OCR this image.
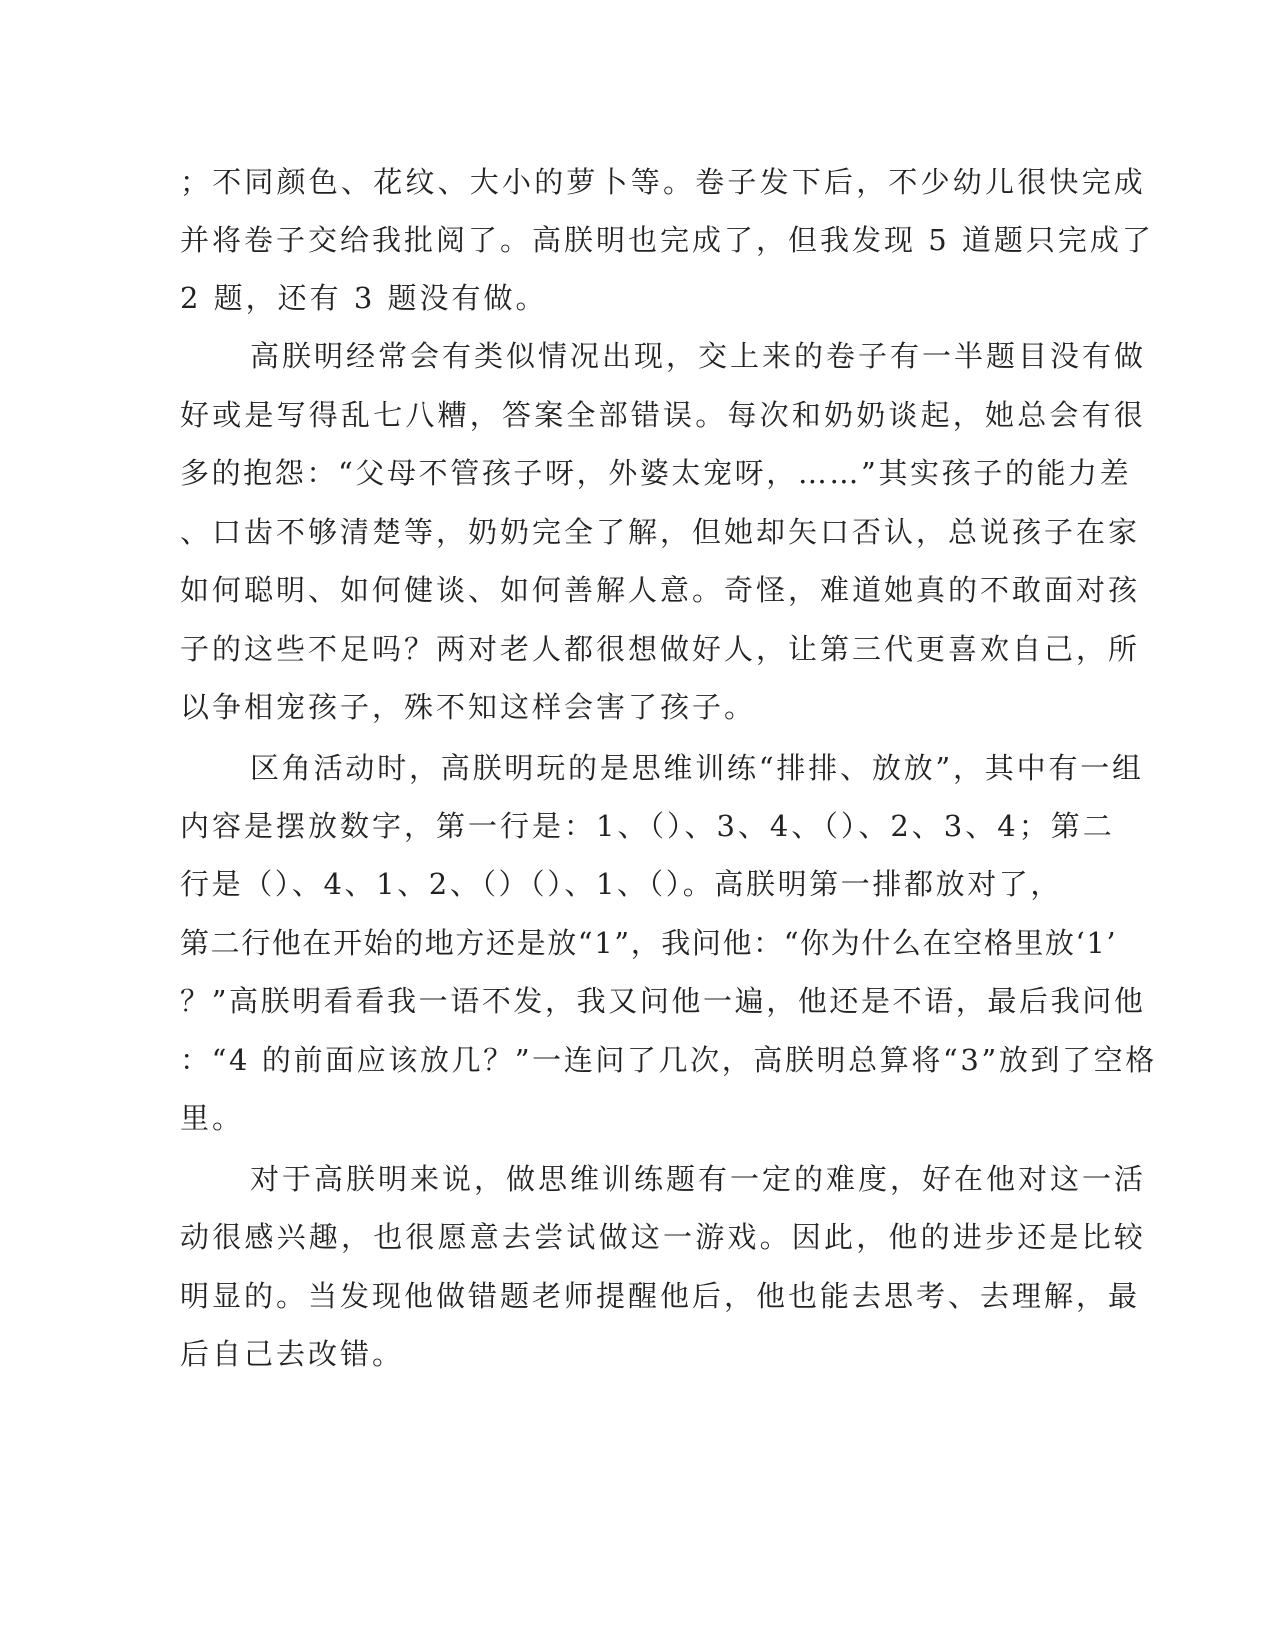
；不同颜色、花纹、大小的萝卜等。卷子发下后，不少幼儿很快完成
并将卷子交给我批阅了。高朕明也完成了，但我发现 5 道题只完成了
2 题，还有 3 题没有做。
高朕明经常会有类似情况出现，交上来的卷子有一半题目没有做
好或是写得乱七八糟，答案全部错误。每次和奶奶谈起，她总会有很
多的抱怨：“父母不管孩子呀，外婆太宠呀，……”其实孩子的能力差
、口齿不够清楚等，奶奶完全了解，但她却矢口否认，总说孩子在家
如何聪明、如何健谈、如何善解人意。奇怪，难道她真的不敢面对孩
子的这些不足吗？两对老人都很想做好人，让第三代更喜欢自己，所
以争相宠孩子，殊不知这样会害了孩子。
区角活动时，高朕明玩的是思维训练“排排、放放”，其中有一组
内容是摆放数字，第一行是：1、（）、3、4、（）、2、3、4；第二
行是（）、4、1、2、（）（）、1、（）。高朕明第一排都放对了，
第二行他在开始的地方还是放“1”，我问他：“你为什么在空格里放‘1’
？”高朕明看看我一语不发，我又问他一遍，他还是不语，最后我问他
：“4 的前面应该放几？”一连问了几次，高朕明总算将“3”放到了空格
里。
对于高朕明来说，做思维训练题有一定的难度，好在他对这一活
动很感兴趣，也很愿意去尝试做这一游戏。因此，他的进步还是比较
明显的。当发现他做错题老师提醒他后，他也能去思考、去理解，最
后自己去改错。
